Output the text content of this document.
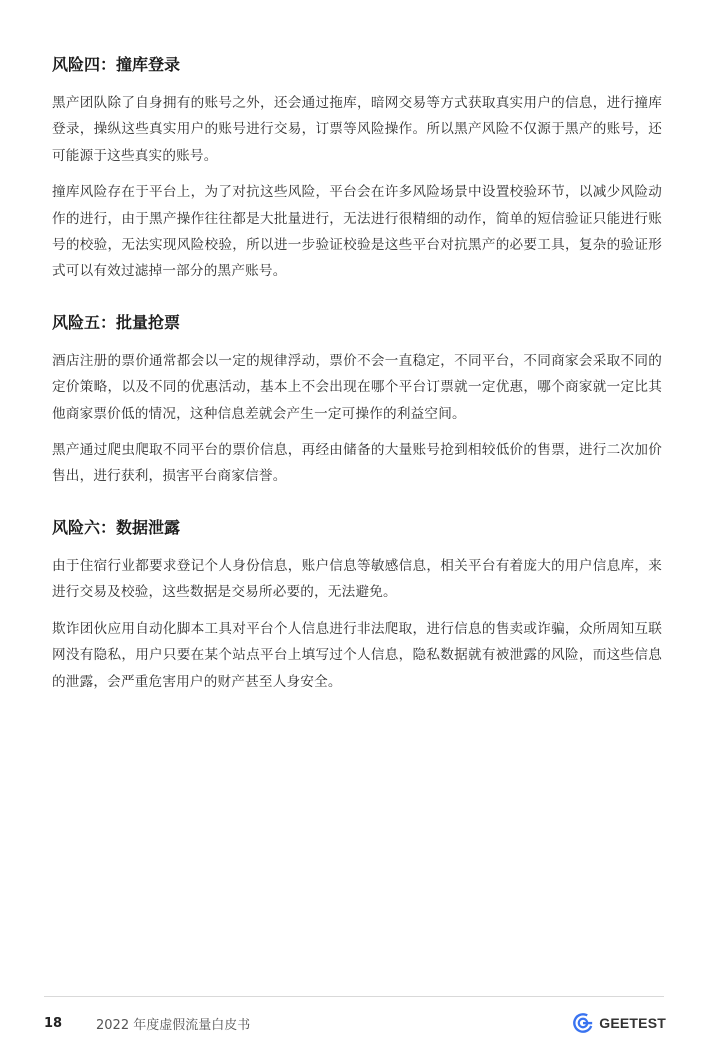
风险四：撞库登录

黑产团队除了自身拥有的账号之外，还会通过拖库，暗网交易等方式获取真实用户的信息，进行撞库登录，操纵这些真实用户的账号进行交易，订票等风险操作。所以黑产风险不仅源于黑产的账号，还可能源于这些真实的账号。

撞库风险存在于平台上，为了对抗这些风险，平台会在许多风险场景中设置校验环节，以减少风险动作的进行，由于黑产操作往往都是大批量进行，无法进行很精细的动作，简单的短信验证只能进行账号的校验，无法实现风险校验，所以进一步验证校验是这些平台对抗黑产的必要工具，复杂的验证形式可以有效过滤掉一部分的黑产账号。

风险五：批量抢票

酒店注册的票价通常都会以一定的规律浮动，票价不会一直稳定，不同平台，不同商家会采取不同的定价策略，以及不同的优惠活动，基本上不会出现在哪个平台订票就一定优惠，哪个商家就一定比其他商家票价低的情况，这种信息差就会产生一定可操作的利益空间。

黑产通过爬虫爬取不同平台的票价信息，再经由储备的大量账号抢到相较低价的售票，进行二次加价售出，进行获利，损害平台商家信誉。

风险六：数据泄露

由于住宿行业都要求登记个人身份信息，账户信息等敏感信息，相关平台有着庞大的用户信息库，来进行交易及校验，这些数据是交易所必要的，无法避免。

欺诈团伙应用自动化脚本工具对平台个人信息进行非法爬取，进行信息的售卖或诈骗，众所周知互联网没有隐私，用户只要在某个站点平台上填写过个人信息，隐私数据就有被泄露的风险，而这些信息的泄露，会严重危害用户的财产甚至人身安全。

18	2022 年度虚假流量白皮书	GEETEST
